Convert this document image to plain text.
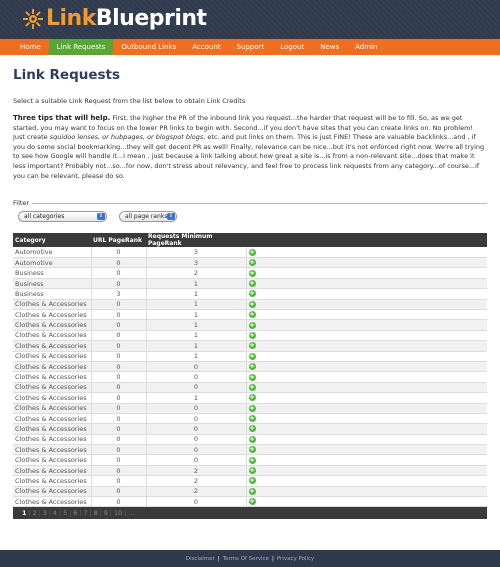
LinkBlueprint
Home	Link Requests	Outbound Links	Account	Support	Logout	News	Admin
Link Requests
Select a suitable Link Request from the list below to obtain Link Credits
Three tips that will help. First, the higher the PR of the inbound link you request...the harder that request will be to fill. So, as we get started, you may want to focus on the lower PR links to begin with. Second...if you don't have sites that you can create links on. No problem! Just create squidoo lenses, or hubpages, or blogspot blogs, etc. and put links on them. This is just FINE! These are valuable backlinks...and , if you do some social bookmarking...they will get decent PR as well! Finally, relevance can be nice...but it's not enforced right now. We're all trying to see how Google will handle it...I mean , just because a link talking about how great a site is...is from a non-relevant site...does that make it less important? Probably not...so...for now, don't stress about relevancy, and feel free to process link requests from any category...of course...if you can be relevant, please do so.
Filter
all categories	⇕	all page ranks ⇕
Category	URL PageRank	Requests Minimum PageRank	
Automotive	0	3	+
Automotive	0	3	+
Business	0	2	+
Business	0	1	+
Business	3	1	+
Clothes & Accessories	0	1	+
Clothes & Accessories	0	1	+
Clothes & Accessories	0	1	+
Clothes & Accessories	0	1	+
Clothes & Accessories	0	1	+
Clothes & Accessories	0	1	+
Clothes & Accessories	0	0	+
Clothes & Accessories	0	0	+
Clothes & Accessories	0	0	+
Clothes & Accessories	0	1	+
Clothes & Accessories	0	0	+
Clothes & Accessories	0	0	+
Clothes & Accessories	0	0	+
Clothes & Accessories	0	0	+
Clothes & Accessories	0	0	+
Clothes & Accessories	0	0	+
Clothes & Accessories	0	2	+
Clothes & Accessories	0	2	+
Clothes & Accessories	0	2	+
Clothes & Accessories	0	0	+
1 | 2 | 3 | 4 | 5 | 6 | 7 | 8 | 9 | 10 | ...
Disclaimer | Terms Of Service | Privacy Policy
